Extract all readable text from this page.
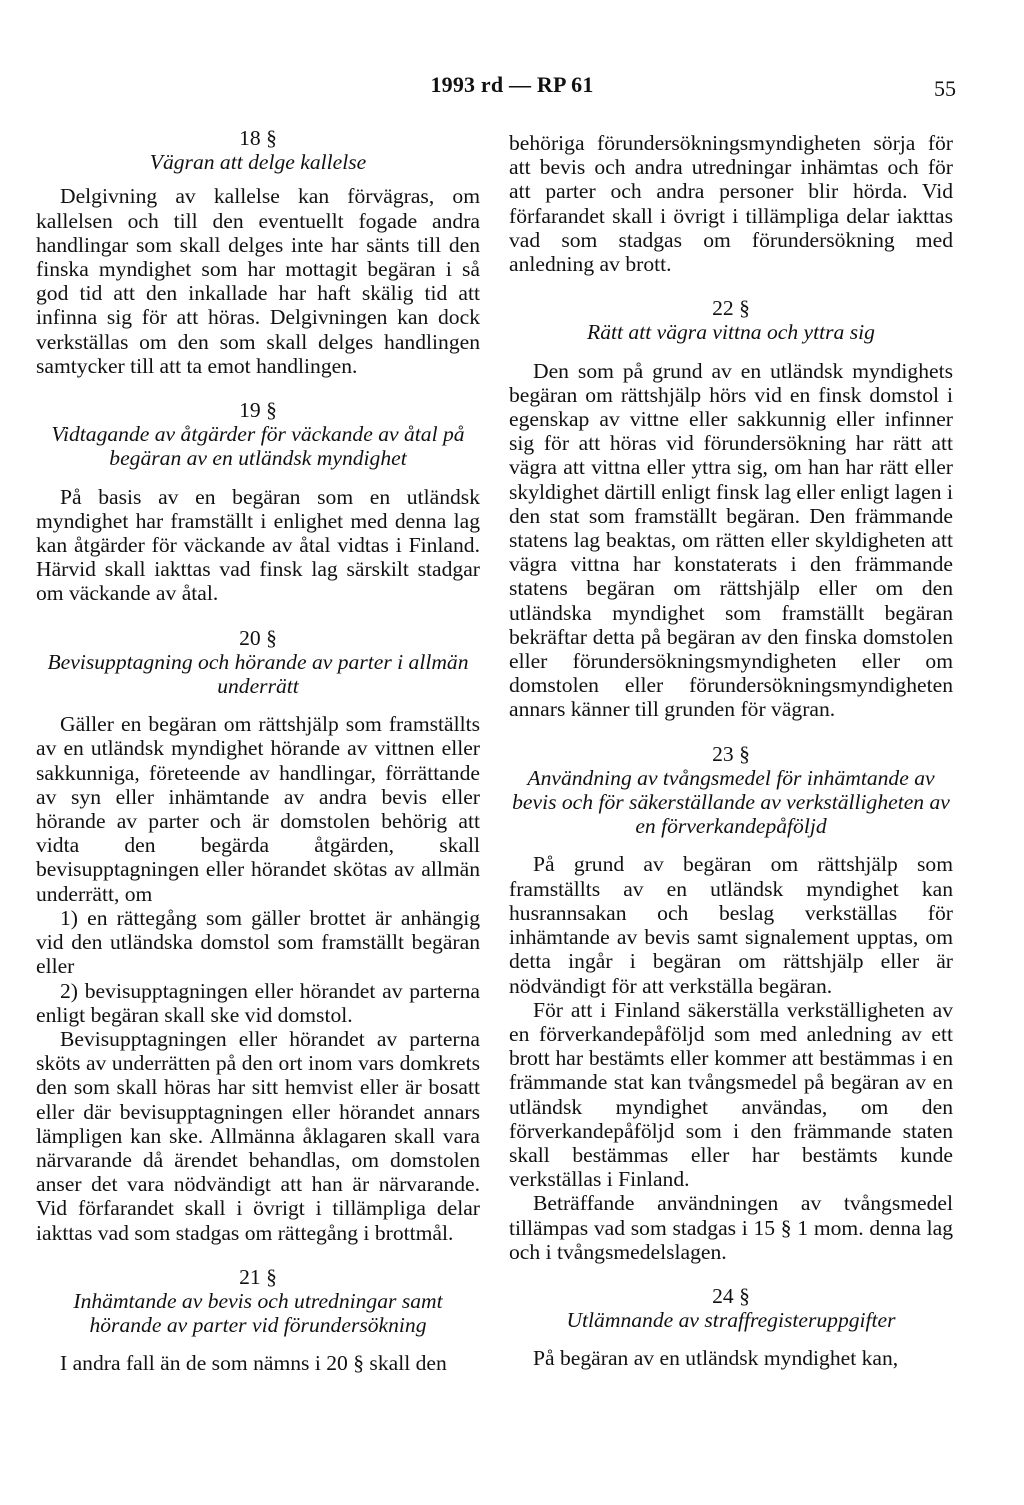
1993 rd — RP 61	55

18 §

Vägran att delge kallelse

Delgivning av kallelse kan förvägras, om kallelsen och till den eventuellt fogade andra handlingar som skall delges inte har sänts till den finska myndighet som har mottagit begäran i så god tid att den inkallade har haft skälig tid att infinna sig för att höras. Delgivningen kan dock verkställas om den som skall delges handlingen samtycker till att ta emot handlingen.

19 §

Vidtagande av åtgärder för väckande av åtal på begäran av en utländsk myndighet

På basis av en begäran som en utländsk myndighet har framställt i enlighet med denna lag kan åtgärder för väckande av åtal vidtas i Finland. Härvid skall iakttas vad finsk lag särskilt stadgar om väckande av åtal.

20 §

Bevisupptagning och hörande av parter i allmän underrätt

Gäller en begäran om rättshjälp som framställts av en utländsk myndighet hörande av vittnen eller sakkunniga, företeende av handlingar, förrättande av syn eller inhämtande av andra bevis eller hörande av parter och är domstolen behörig att vidta den begärda åtgärden, skall bevisupptagningen eller hörandet skötas av allmän underrätt, om

1) en rättegång som gäller brottet är anhängig vid den utländska domstol som framställt begäran eller

2) bevisupptagningen eller hörandet av parterna enligt begäran skall ske vid domstol.

Bevisupptagningen eller hörandet av parterna sköts av underrätten på den ort inom vars domkrets den som skall höras har sitt hemvist eller är bosatt eller där bevisupptagningen eller hörandet annars lämpligen kan ske. Allmänna åklagaren skall vara närvarande då ärendet behandlas, om domstolen anser det vara nödvändigt att han är närvarande. Vid förfarandet skall i övrigt i tillämpliga delar iakttas vad som stadgas om rättegång i brottmål.

21 §

Inhämtande av bevis och utredningar samt hörande av parter vid förundersökning

I andra fall än de som nämns i 20 § skall den

behöriga förundersökningsmyndigheten sörja för att bevis och andra utredningar inhämtas och för att parter och andra personer blir hörda. Vid förfarandet skall i övrigt i tillämpliga delar iakttas vad som stadgas om förundersökning med anledning av brott.

22 §

Rätt att vägra vittna och yttra sig

Den som på grund av en utländsk myndighets begäran om rättshjälp hörs vid en finsk domstol i egenskap av vittne eller sakkunnig eller infinner sig för att höras vid förundersökning har rätt att vägra att vittna eller yttra sig, om han har rätt eller skyldighet därtill enligt finsk lag eller enligt lagen i den stat som framställt begäran. Den främmande statens lag beaktas, om rätten eller skyldigheten att vägra vittna har konstaterats i den främmande statens begäran om rättshjälp eller om den utländska myndighet som framställt begäran bekräftar detta på begäran av den finska domstolen eller förundersökningsmyndigheten eller om domstolen eller förundersökningsmyndigheten annars känner till grunden för vägran.

23 §

Användning av tvångsmedel för inhämtande av bevis och för säkerställande av verkställigheten av en förverkandepåföljd

På grund av begäran om rättshjälp som framställts av en utländsk myndighet kan husrannsakan och beslag verkställas för inhämtande av bevis samt signalement upptas, om detta ingår i begäran om rättshjälp eller är nödvändigt för att verkställa begäran.

För att i Finland säkerställa verkställigheten av en förverkandepåföljd som med anledning av ett brott har bestämts eller kommer att bestämmas i en främmande stat kan tvångsmedel på begäran av en utländsk myndighet användas, om den förverkandepåföljd som i den främmande staten skall bestämmas eller har bestämts kunde verkställas i Finland.

Beträffande användningen av tvångsmedel tillämpas vad som stadgas i 15 § 1 mom. denna lag och i tvångsmedelslagen.

24 §

Utlämnande av straffregisteruppgifter

På begäran av en utländsk myndighet kan,
